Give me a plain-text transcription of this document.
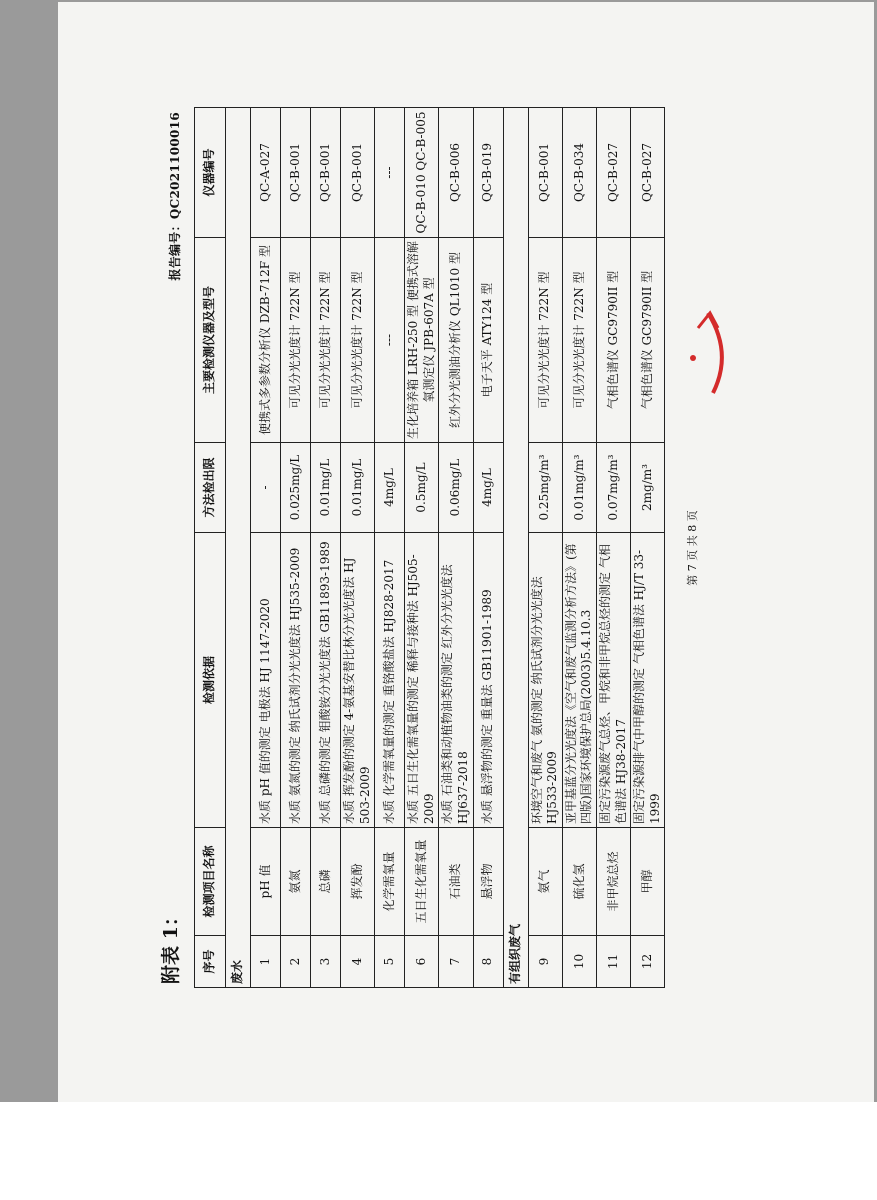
报告编号：QC2021100016
附表 1： 序号	检测项目名称	检测依据	方法检出限	主要检测仪器及型号	仪器编号
废水					
1	pH 值	水质 pH 值的测定 电极法 HJ 1147-2020	-	便携式多参数分析仪 DZB-712F 型	QC-A-027
2	氨氮	水质 氨氮的测定 纳氏试剂分光光度法 HJ535-2009	0.025mg/L	可见分光光度计 722N 型	QC-B-001
3	总磷	水质 总磷的测定 钼酸铵分光光度法 GB11893-1989	0.01mg/L	可见分光光度计 722N 型	QC-B-001
4	挥发酚	水质 挥发酚的测定 4-氨基安替比林分光光度法 HJ 503-2009	0.01mg/L	可见分光光度计 722N 型	QC-B-001
5	化学需氧量	水质 化学需氧量的测定 重铬酸盐法 HJ828-2017	4mg/L	---	---
6	五日生化需氧量	水质 五日生化需氧量的测定 稀释与接种法 HJ505-2009	0.5mg/L	生化培养箱 LRH-250 型 便携式溶解氧测定仪 JPB-607A 型	QC-B-010 QC-B-005
7	石油类	水质 石油类和动植物油类的测定 红外分光光度法 HJ637-2018	0.06mg/L	红外分光测油分析仪 QL1010 型	QC-B-006
8	悬浮物	水质 悬浮物的测定 重量法 GB11901-1989	4mg/L	电子天平 ATY124 型	QC-B-019
有组织废气					
9	氨气	环境空气和废气 氨的测定 纳氏试剂分光光度法 HJ533-2009	0.25mg/m³	可见分光光度计 722N 型	QC-B-001
10	硫化氢	亚甲基蓝分光光度法《空气和废气监测分析方法》(第四版)国家环境保护总局(2003)5.4.10.3	0.01mg/m³	可见分光光度计 722N 型	QC-B-034
11	非甲烷总烃	固定污染源废气总烃、甲烷和非甲烷总烃的测定 气相色谱法 HJ38-2017	0.07mg/m³	气相色谱仪 GC9790II 型	QC-B-027
12	甲醇	固定污染源排气中甲醇的测定 气相色谱法 HJ/T 33-1999	2mg/m³	气相色谱仪 GC9790II 型	QC-B-027
第 7 页 共 8 页
